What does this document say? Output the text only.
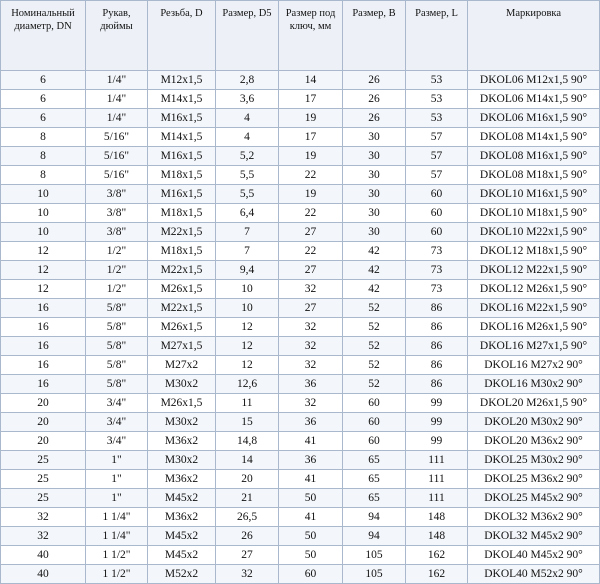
Номинальный диаметр, DN	Рукав, дюймы	Резьба, D	Размер, D5	Размер под ключ, мм	Размер, B	Размер, L	Маркировка
6	1/4"	M12x1,5	2,8	14	26	53	DKOL06 M12x1,5 90°
6	1/4"	M14x1,5	3,6	17	26	53	DKOL06 M14x1,5 90°
6	1/4"	M16x1,5	4	19	26	53	DKOL06 M16x1,5 90°
8	5/16"	M14x1,5	4	17	30	57	DKOL08 M14x1,5 90°
8	5/16"	M16x1,5	5,2	19	30	57	DKOL08 M16x1,5 90°
8	5/16"	M18x1,5	5,5	22	30	57	DKOL08 M18x1,5 90°
10	3/8"	M16x1,5	5,5	19	30	60	DKOL10 M16x1,5 90°
10	3/8"	M18x1,5	6,4	22	30	60	DKOL10 M18x1,5 90°
10	3/8"	M22x1,5	7	27	30	60	DKOL10 M22x1,5 90°
12	1/2"	M18x1,5	7	22	42	73	DKOL12 M18x1,5 90°
12	1/2"	M22x1,5	9,4	27	42	73	DKOL12 M22x1,5 90°
12	1/2"	M26x1,5	10	32	42	73	DKOL12 M26x1,5 90°
16	5/8"	M22x1,5	10	27	52	86	DKOL16 M22x1,5 90°
16	5/8"	M26x1,5	12	32	52	86	DKOL16 M26x1,5 90°
16	5/8"	M27x1,5	12	32	52	86	DKOL16 M27x1,5 90°
16	5/8"	M27x2	12	32	52	86	DKOL16 M27x2 90°
16	5/8"	M30x2	12,6	36	52	86	DKOL16 M30x2 90°
20	3/4"	M26x1,5	11	32	60	99	DKOL20 M26x1,5 90°
20	3/4"	M30x2	15	36	60	99	DKOL20 M30x2 90°
20	3/4"	M36x2	14,8	41	60	99	DKOL20 M36x2 90°
25	1"	M30x2	14	36	65	111	DKOL25 M30x2 90°
25	1"	M36x2	20	41	65	111	DKOL25 M36x2 90°
25	1"	M45x2	21	50	65	111	DKOL25 M45x2 90°
32	1 1/4"	M36x2	26,5	41	94	148	DKOL32 M36x2 90°
32	1 1/4"	M45x2	26	50	94	148	DKOL32 M45x2 90°
40	1 1/2"	M45x2	27	50	105	162	DKOL40 M45x2 90°
40	1 1/2"	M52x2	32	60	105	162	DKOL40 M52x2 90°
